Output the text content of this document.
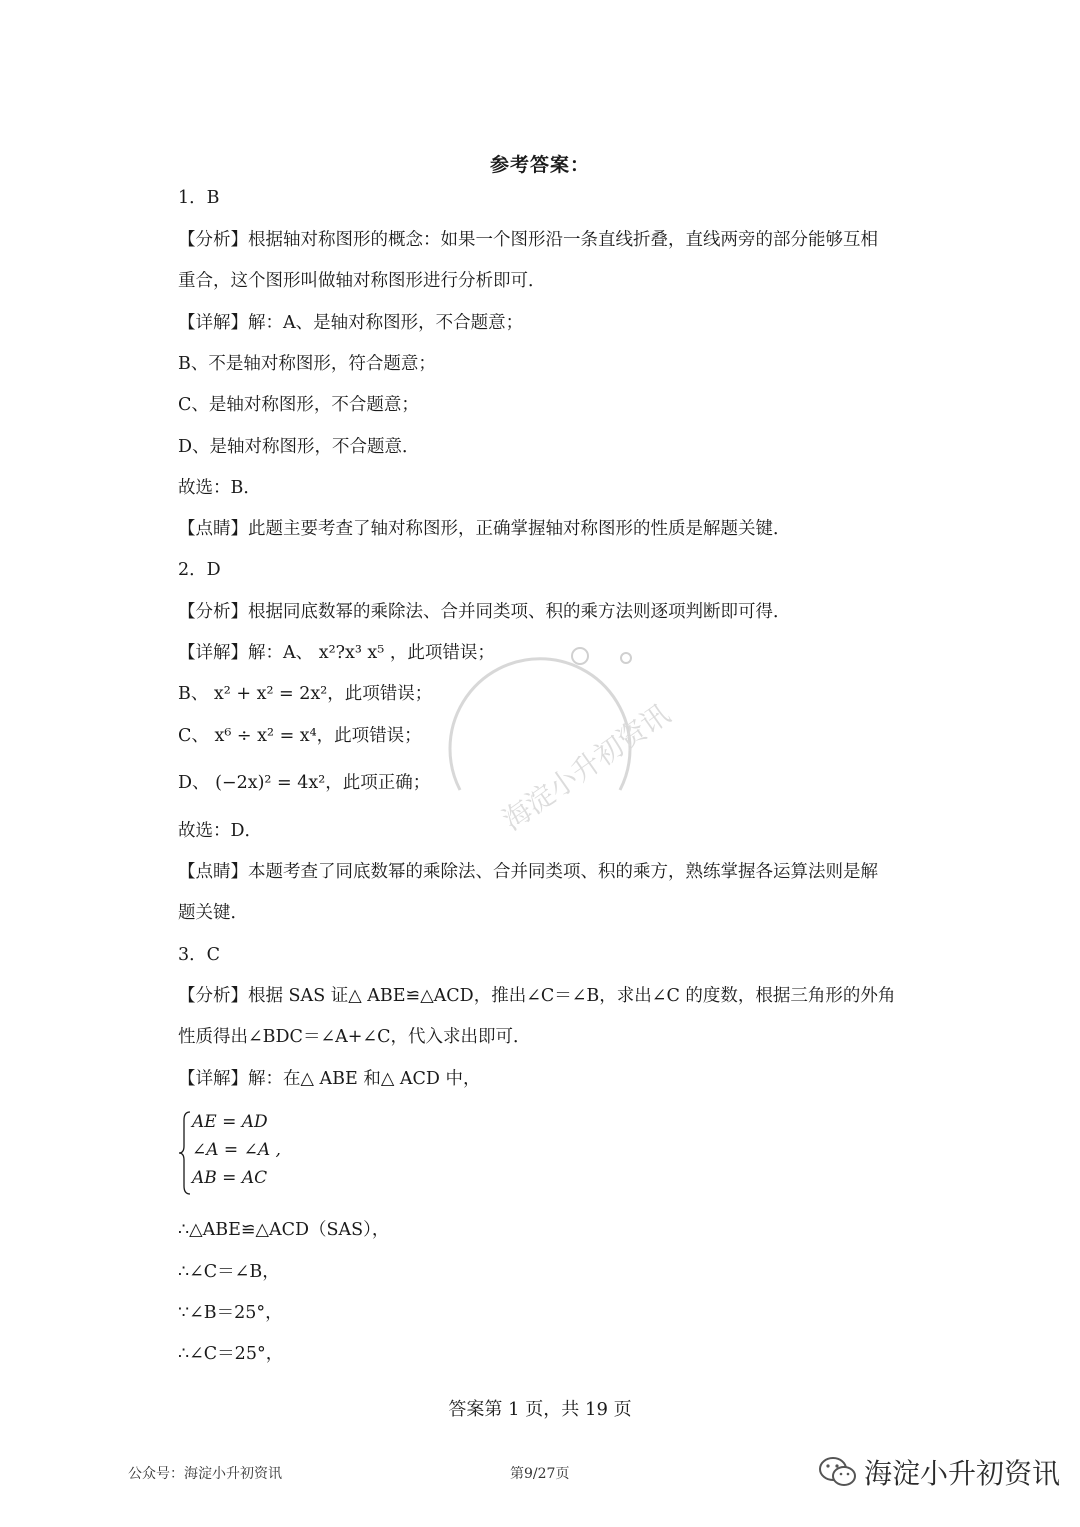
参考答案：
1．B
【分析】根据轴对称图形的概念：如果一个图形沿一条直线折叠，直线两旁的部分能够互相
重合，这个图形叫做轴对称图形进行分析即可．
【详解】解：A、是轴对称图形，不合题意；
B、不是轴对称图形，符合题意；
C、是轴对称图形，不合题意；
D、是轴对称图形，不合题意．
故选：B．
【点睛】此题主要考查了轴对称图形，正确掌握轴对称图形的性质是解题关键．
2．D
【分析】根据同底数幂的乘除法、合并同类项、积的乘方法则逐项判断即可得．
【详解】解：A、 x²?x³ x⁵ ，此项错误；
B、 x² + x² = 2x²，此项错误；
C、 x⁶ ÷ x² = x⁴，此项错误；
D、 (−2x)² = 4x²，此项正确；
故选：D．
【点睛】本题考查了同底数幂的乘除法、合并同类项、积的乘方，熟练掌握各运算法则是解
题关键．
3．C
【分析】根据 SAS 证△ ABE≌△ACD，推出∠C＝∠B，求出∠C 的度数，根据三角形的外角
性质得出∠BDC＝∠A+∠C，代入求出即可．
【详解】解：在△ ABE 和△ ACD 中，
AE = AD
∠A = ∠A ,
AB = AC
∴△ABE≌△ACD（SAS），
∴∠C＝∠B，
∵∠B＝25°，
∴∠C＝25°，
海淀小升初资讯
答案第 1 页，共 19 页
公众号：海淀小升初资讯	第9/27页	海淀小升初资讯
